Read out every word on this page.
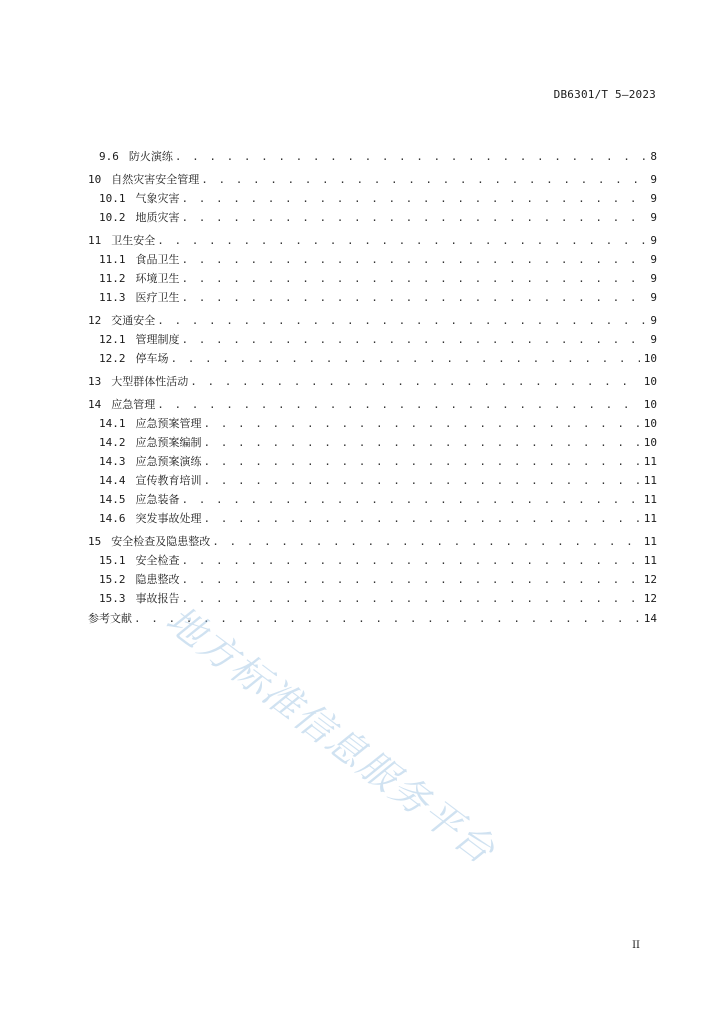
DB6301/T 5—2023
9.6 防火演练 . . .	8
10 自然灾害安全管理 . . .	9
10.1 气象灾害 . . .	9
10.2 地质灾害 . . .	9
11 卫生安全 . . .	9
11.1 食品卫生 . . .	9
11.2 环境卫生 . . .	9
11.3 医疗卫生 . . .	9
12 交通安全 . . .	9
12.1 管理制度 . . .	9
12.2 停车场 . . .	10
13 大型群体性活动 . . .	10
14 应急管理 . . .	10
14.1 应急预案管理 . . .	10
14.2 应急预案编制 . . .	10
14.3 应急预案演练 . . .	11
14.4 宣传教育培训 . . .	11
14.5 应急装备 . . .	11
14.6 突发事故处理 . . .	11
15 安全检查及隐患整改 . . .	11
15.1 安全检查 . . .	11
15.2 隐患整改 . . .	12
15.3 事故报告 . . .	12
参考文献 . . .	14
II
地方标准信息服务平台
